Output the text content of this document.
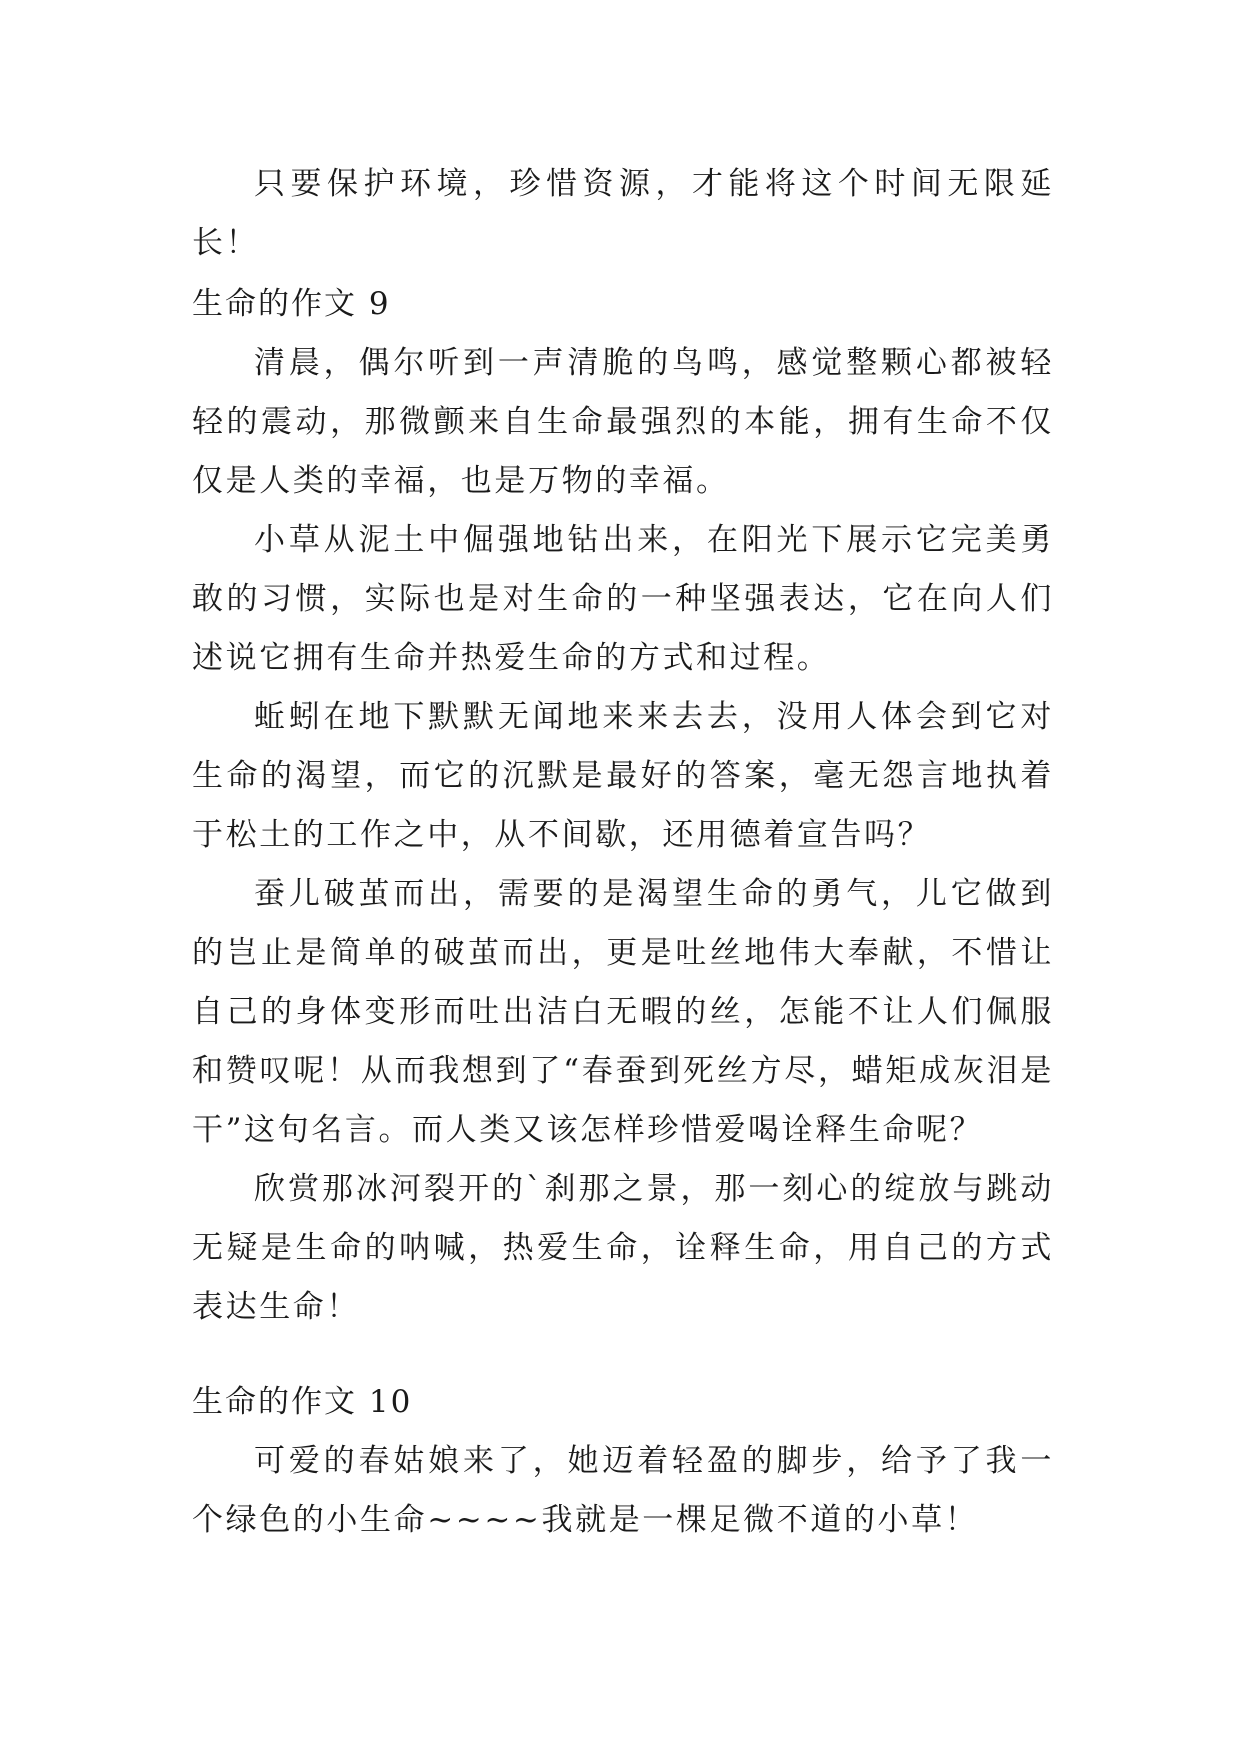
只要保护环境，珍惜资源，才能将这个时间无限延长！

生命的作文 9

清晨，偶尔听到一声清脆的鸟鸣，感觉整颗心都被轻轻的震动，那微颤来自生命最强烈的本能，拥有生命不仅仅是人类的幸福，也是万物的幸福。

小草从泥土中倔强地钻出来，在阳光下展示它完美勇敢的习惯，实际也是对生命的一种坚强表达，它在向人们述说它拥有生命并热爱生命的方式和过程。

蚯蚓在地下默默无闻地来来去去，没用人体会到它对生命的渴望，而它的沉默是最好的答案，毫无怨言地执着于松土的工作之中，从不间歇，还用德着宣告吗？

蚕儿破茧而出，需要的是渴望生命的勇气，儿它做到的岂止是简单的破茧而出，更是吐丝地伟大奉献，不惜让自己的身体变形而吐出洁白无暇的丝，怎能不让人们佩服和赞叹呢！从而我想到了“春蚕到死丝方尽，蜡矩成灰泪是干”这句名言。而人类又该怎样珍惜爱喝诠释生命呢？

欣赏那冰河裂开的`刹那之景，那一刻心的绽放与跳动无疑是生命的呐喊，热爱生命，诠释生命，用自己的方式表达生命！

生命的作文 10

可爱的春姑娘来了，她迈着轻盈的脚步，给予了我一个绿色的小生命~~~~我就是一棵足微不道的小草！
